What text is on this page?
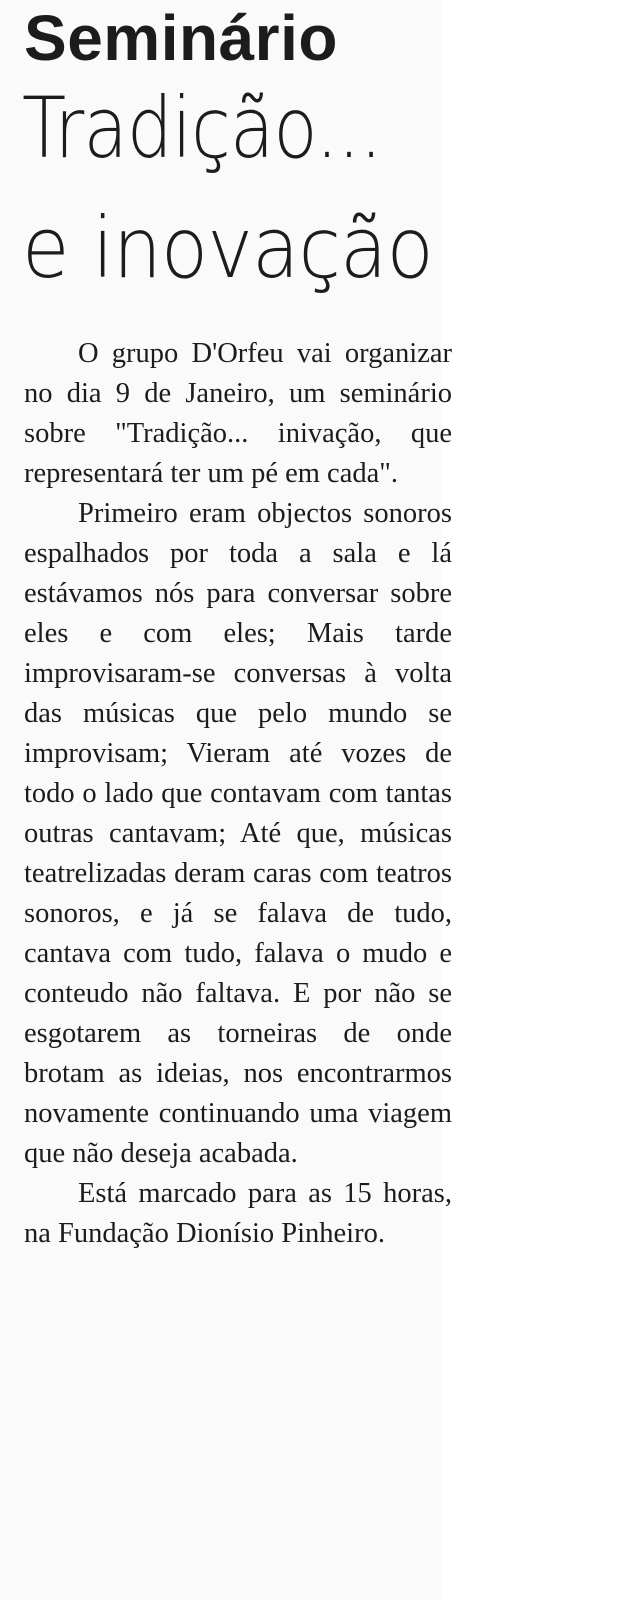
Seminário
Tradição...
e inovação

O grupo D'Orfeu vai organizar no dia 9 de Janeiro, um seminário sobre "Tradição... inivação, que representará ter um pé em cada".

Primeiro eram objectos sonoros espalhados por toda a sala e lá estávamos nós para conversar sobre eles e com eles; Mais tarde improvisaram-se conversas à volta das músicas que pelo mundo se improvisam; Vieram até vozes de todo o lado que contavam com tantas outras cantavam; Até que, músicas teatrelizadas deram caras com teatros sonoros, e já se falava de tudo, cantava com tudo, falava o mudo e conteudo não faltava. E por não se esgotarem as torneiras de onde brotam as ideias, nos encontrarmos novamente continuando uma viagem que não deseja acabada.

Está marcado para as 15 horas, na Fundação Dionísio Pinheiro.
